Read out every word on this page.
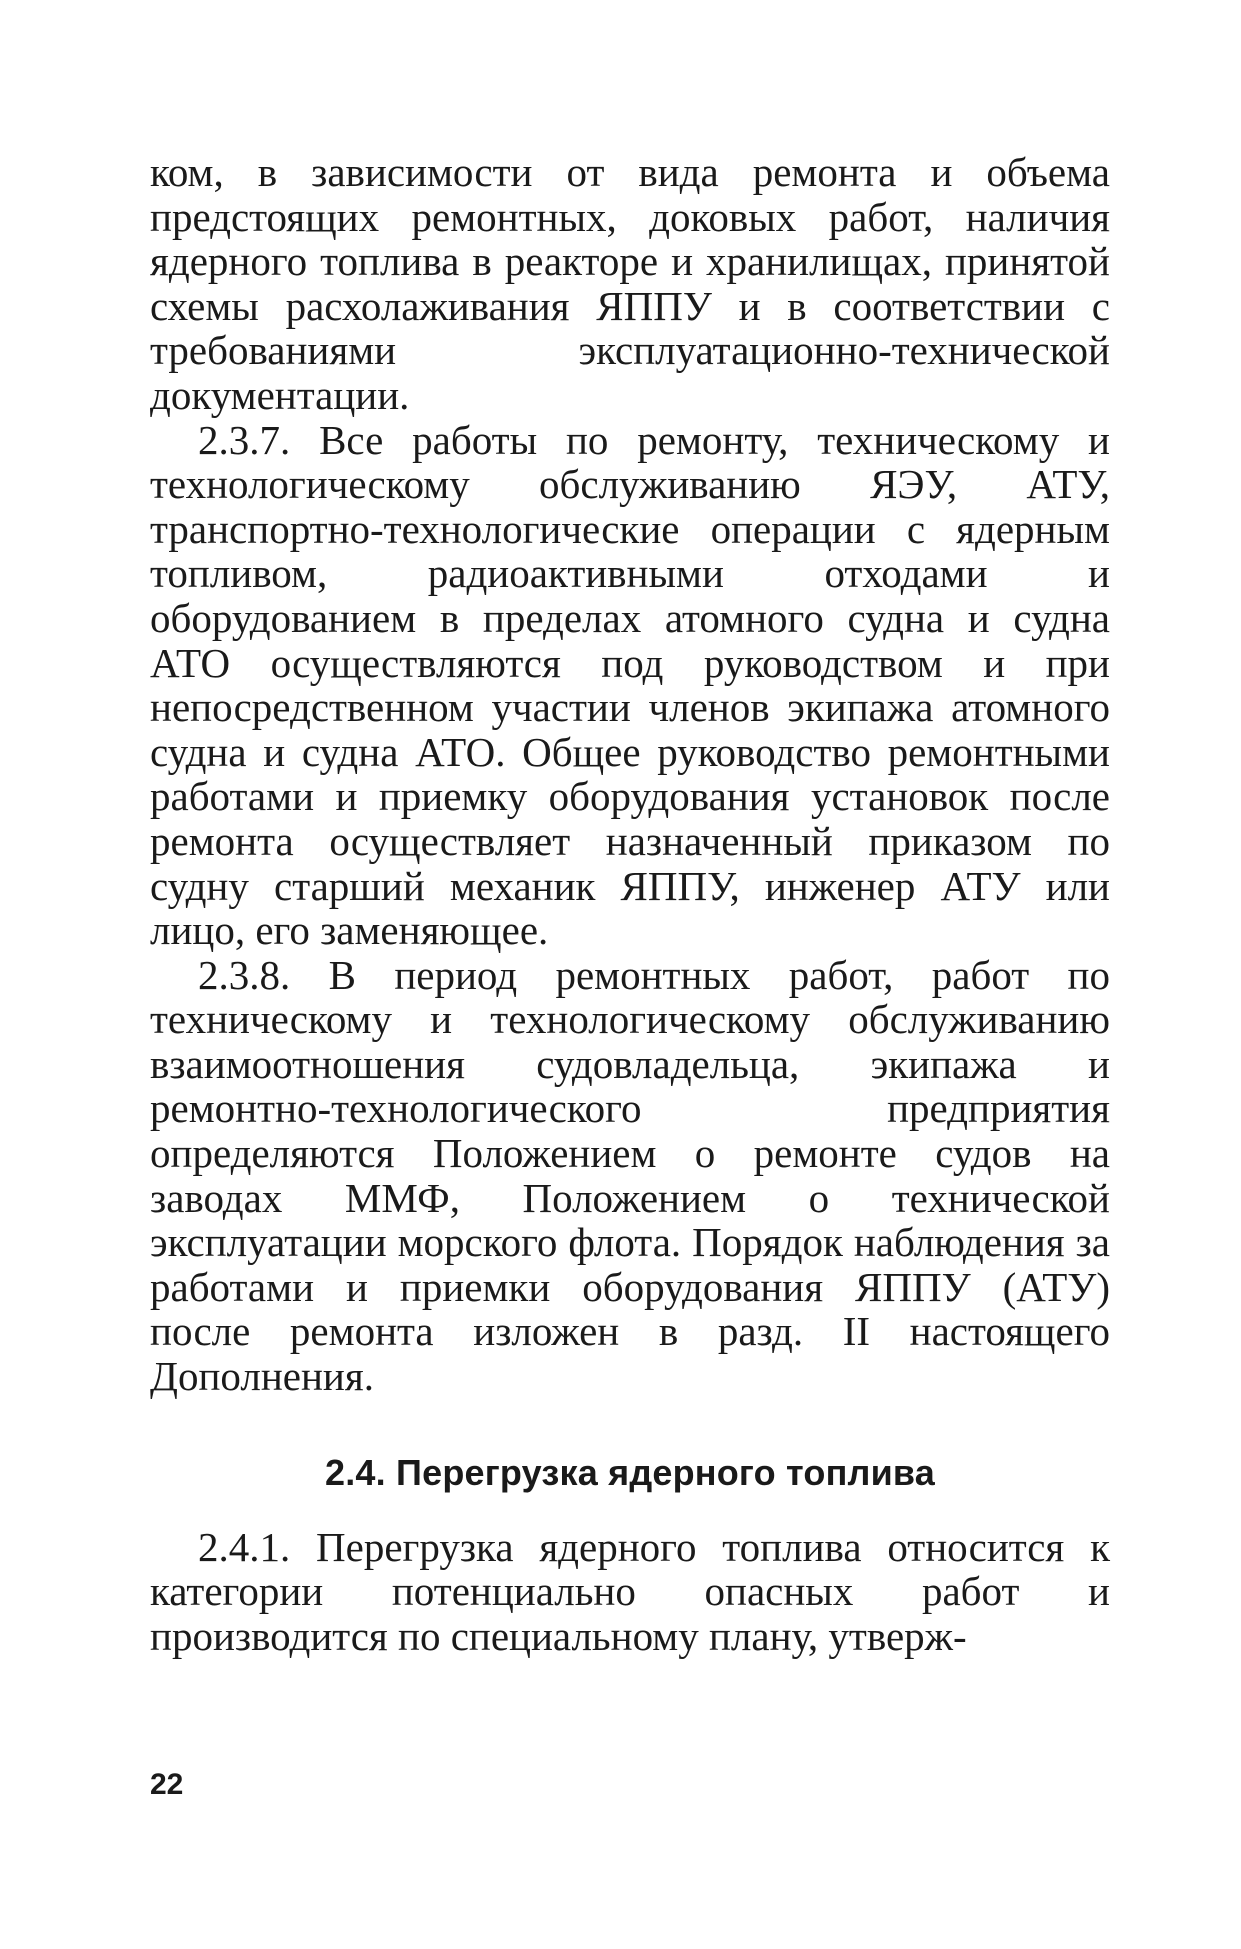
ком, в зависимости от вида ремонта и объема предстоящих ремонтных, доковых работ, наличия ядерного топлива в реакторе и хранилищах, принятой схемы расхолаживания ЯППУ и в соответствии с требованиями эксплуатационно-технической документации.

2.3.7. Все работы по ремонту, техническому и технологическому обслуживанию ЯЭУ, АТУ, транспортно-технологические операции с ядерным топливом, радиоактивными отходами и оборудованием в пределах атомного судна и судна АТО осуществляются под руководством и при непосредственном участии членов экипажа атомного судна и судна АТО. Общее руководство ремонтными работами и приемку оборудования установок после ремонта осуществляет назначенный приказом по судну старший механик ЯППУ, инженер АТУ или лицо, его заменяющее.

2.3.8. В период ремонтных работ, работ по техническому и технологическому обслуживанию взаимоотношения судовладельца, экипажа и ремонтно-технологического предприятия определяются Положением о ремонте судов на заводах ММФ, Положением о технической эксплуатации морского флота. Порядок наблюдения за работами и приемки оборудования ЯППУ (АТУ) после ремонта изложен в разд. II настоящего Дополнения.

2.4. Перегрузка ядерного топлива

2.4.1. Перегрузка ядерного топлива относится к категории потенциально опасных работ и производится по специальному плану, утверж-

22
